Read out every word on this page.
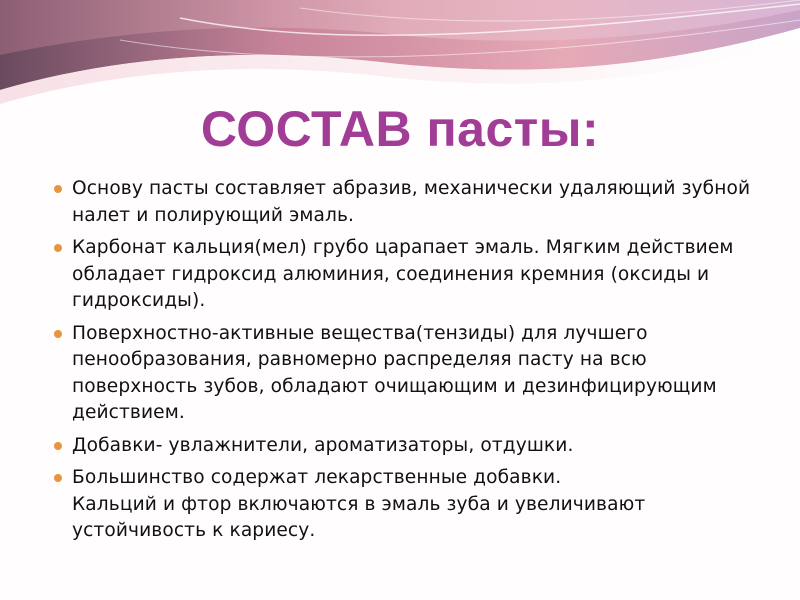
СОСТАВ пасты:
Основу пасты составляет абразив, механически удаляющий зубной налет и полирующий эмаль.
Карбонат кальция(мел) грубо царапает эмаль. Мягким действием обладает гидроксид алюминия, соединения кремния (оксиды и гидроксиды).
Поверхностно-активные вещества(тензиды) для лучшего пенообразования, равномерно распределяя пасту на всю поверхность зубов, обладают очищающим и дезинфицирующим действием.
Добавки- увлажнители, ароматизаторы, отдушки.
Большинство содержат лекарственные добавки.
Кальций и фтор включаются в эмаль зуба и увеличивают устойчивость к кариесу.
